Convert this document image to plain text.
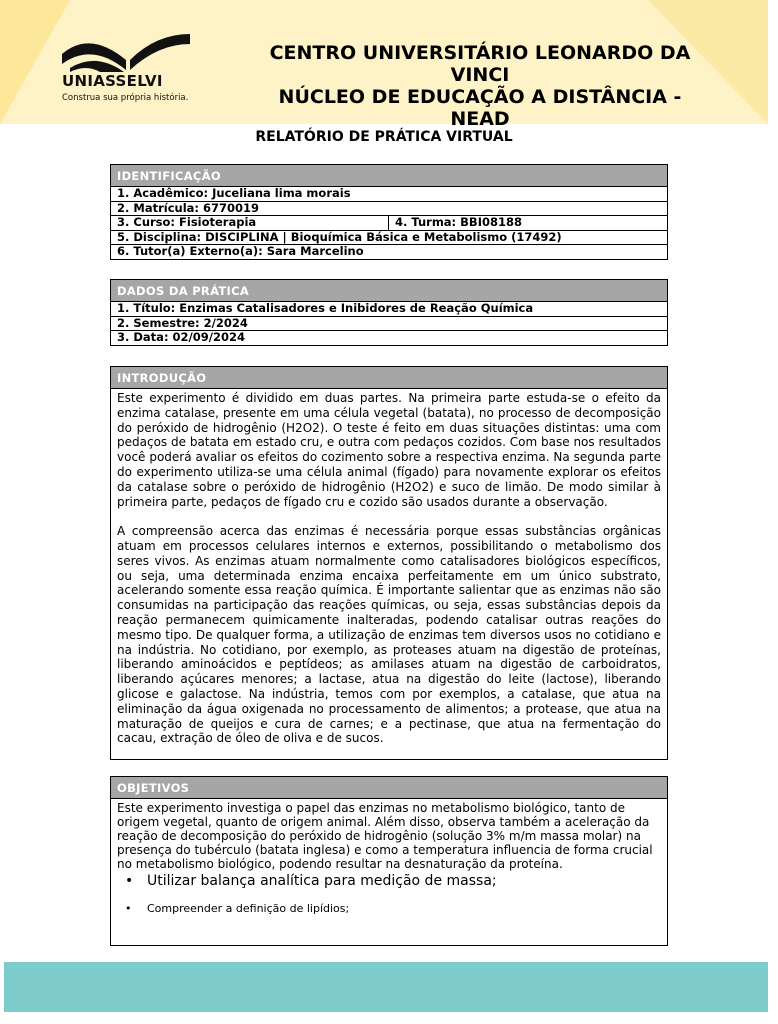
UNIASSELVI
Construa sua própria história.
CENTRO UNIVERSITÁRIO LEONARDO DA
VINCI
NÚCLEO DE EDUCAÇÃO A DISTÂNCIA -
NEAD
RELATÓRIO DE PRÁTICA VIRTUAL
IDENTIFICAÇÃO
1. Acadêmico: Juceliana lima morais
2. Matrícula: 6770019
3. Curso: Fisioterapia	4. Turma: BBI08188
5. Disciplina: DISCIPLINA | Bioquímica Básica e Metabolismo (17492)
6. Tutor(a) Externo(a): Sara Marcelino
DADOS DA PRÁTICA
1. Título: Enzimas Catalisadores e Inibidores de Reação Química
2. Semestre: 2/2024
3. Data: 02/09/2024
INTRODUÇÃO

Este experimento é dividido em duas partes. Na primeira parte estuda-se o efeito da enzima catalase, presente em uma célula vegetal (batata), no processo de decomposição do peróxido de hidrogênio (H2O2). O teste é feito em duas situações distintas: uma com pedaços de batata em estado cru, e outra com pedaços cozidos. Com base nos resultados você poderá avaliar os efeitos do cozimento sobre a respectiva enzima. Na segunda parte do experimento utiliza-se uma célula animal (fígado) para novamente explorar os efeitos da catalase sobre o peróxido de hidrogênio (H2O2) e suco de limão. De modo similar à primeira parte, pedaços de fígado cru e cozido são usados durante a observação.

A compreensão acerca das enzimas é necessária porque essas substâncias orgânicas atuam em processos celulares internos e externos, possibilitando o metabolismo dos seres vivos. As enzimas atuam normalmente como catalisadores biológicos específicos, ou seja, uma determinada enzima encaixa perfeitamente em um único substrato, acelerando somente essa reação química. É importante salientar que as enzimas não são consumidas na participação das reações químicas, ou seja, essas substâncias depois da reação permanecem quimicamente inalteradas, podendo catalisar outras reações do mesmo tipo. De qualquer forma, a utilização de enzimas tem diversos usos no cotidiano e na indústria. No cotidiano, por exemplo, as proteases atuam na digestão de proteínas, liberando aminoácidos e peptídeos; as amilases atuam na digestão de carboidratos, liberando açúcares menores; a lactase, atua na digestão do leite (lactose), liberando glicose e galactose. Na indústria, temos com por exemplos, a catalase, que atua na eliminação da água oxigenada no processamento de alimentos; a protease, que atua na maturação de queijos e cura de carnes; e a pectinase, que atua na fermentação do cacau, extração de óleo de oliva e de sucos.

OBJETIVOS
Este experimento investiga o papel das enzimas no metabolismo biológico, tanto de origem vegetal, quanto de origem animal. Além disso, observa também a aceleração da reação de decomposição do peróxido de hidrogênio (solução 3% m/m massa molar) na presença do tubérculo (batata inglesa) e como a temperatura influencia de forma crucial no metabolismo biológico, podendo resultar na desnaturação da proteína.
• Utilizar balança analítica para medição de massa;
• Compreender a definição de lipídios;
